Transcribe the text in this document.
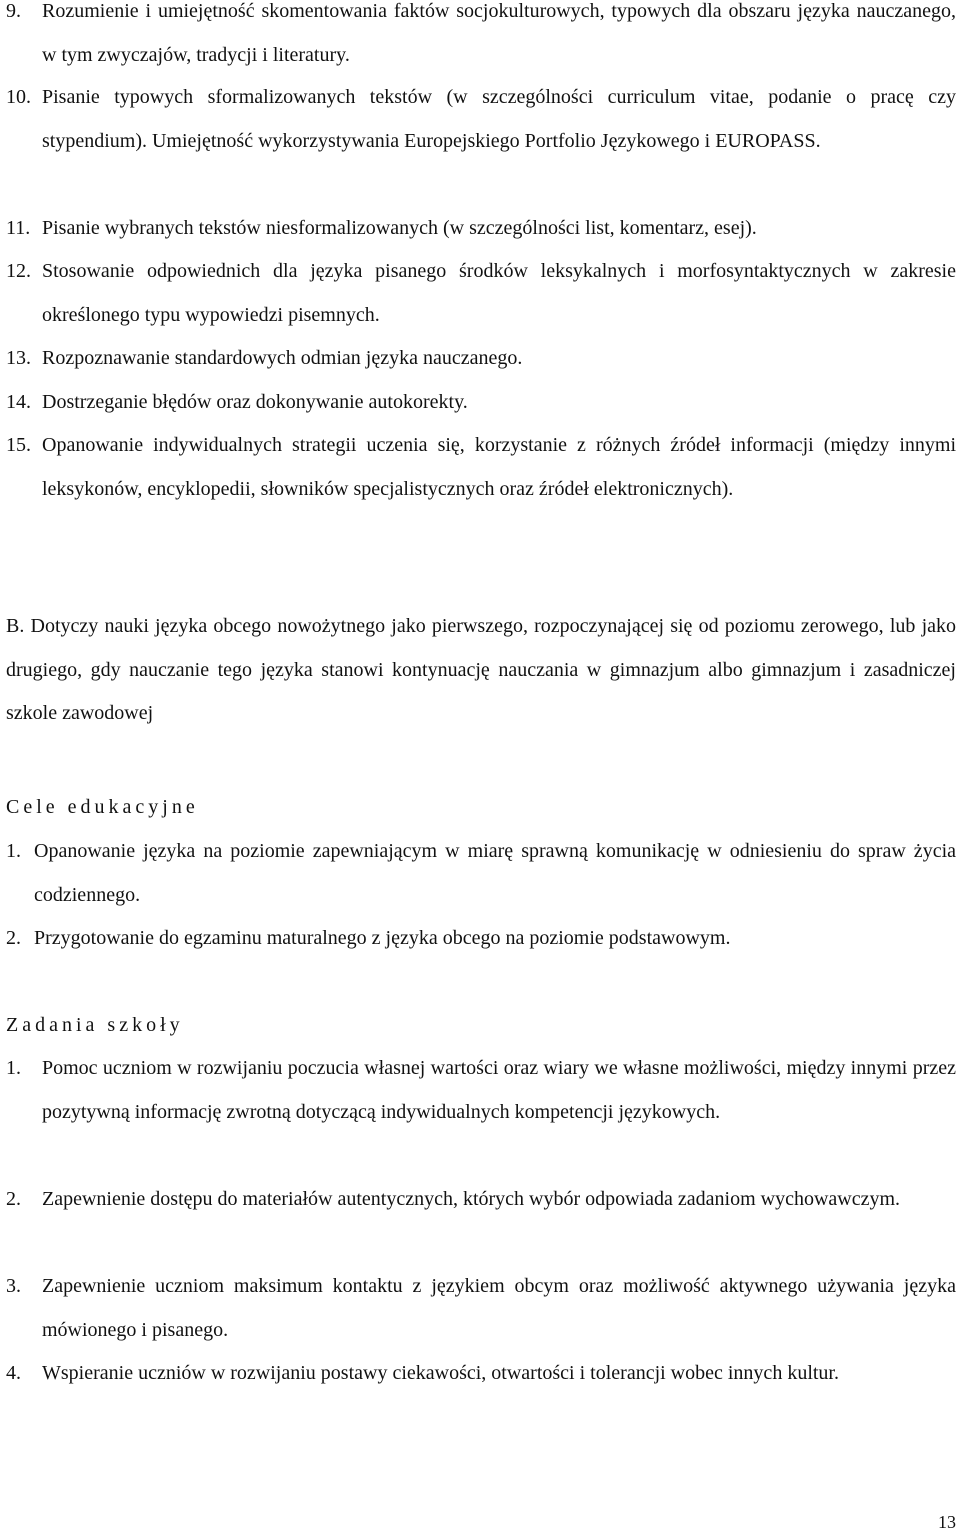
9. Rozumienie i umiejętność skomentowania faktów socjokulturowych, typowych dla obszaru języka nauczanego, w tym zwyczajów, tradycji i literatury.
10. Pisanie typowych sformalizowanych tekstów (w szczególności curriculum vitae, podanie o pracę czy stypendium). Umiejętność wykorzystywania Europejskiego Portfolio Językowego i EUROPASS.
11. Pisanie wybranych tekstów niesformalizowanych (w szczególności list, komentarz, esej).
12. Stosowanie odpowiednich dla języka pisanego środków leksykalnych i morfosyntaktycznych w zakresie określonego typu wypowiedzi pisemnych.
13. Rozpoznawanie standardowych odmian języka nauczanego.
14. Dostrzeganie błędów oraz dokonywanie autokorekty.
15. Opanowanie indywidualnych strategii uczenia się, korzystanie z różnych źródeł informacji (między innymi leksykonów, encyklopedii, słowników specjalistycznych oraz źródeł elektronicznych).
B. Dotyczy nauki języka obcego nowożytnego jako pierwszego, rozpoczynającej się od poziomu zerowego, lub jako drugiego, gdy nauczanie tego języka stanowi kontynuację nauczania w gimnazjum albo gimnazjum i zasadniczej szkole zawodowej
Cele edukacyjne
1. Opanowanie języka na poziomie zapewniającym w miarę sprawną komunikację w odniesieniu do spraw życia codziennego.
2. Przygotowanie do egzaminu maturalnego z języka obcego na poziomie podstawowym.
Zadania szkoły
1. Pomoc uczniom w rozwijaniu poczucia własnej wartości oraz wiary we własne możliwości, między innymi przez pozytywną informację zwrotną dotyczącą indywidualnych kompetencji językowych.
2. Zapewnienie dostępu do materiałów autentycznych, których wybór odpowiada zadaniom wychowawczym.
3. Zapewnienie uczniom maksimum kontaktu z językiem obcym oraz możliwość aktywnego używania języka mówionego i pisanego.
4. Wspieranie uczniów w rozwijaniu postawy ciekawości, otwartości i tolerancji wobec innych kultur.
13
